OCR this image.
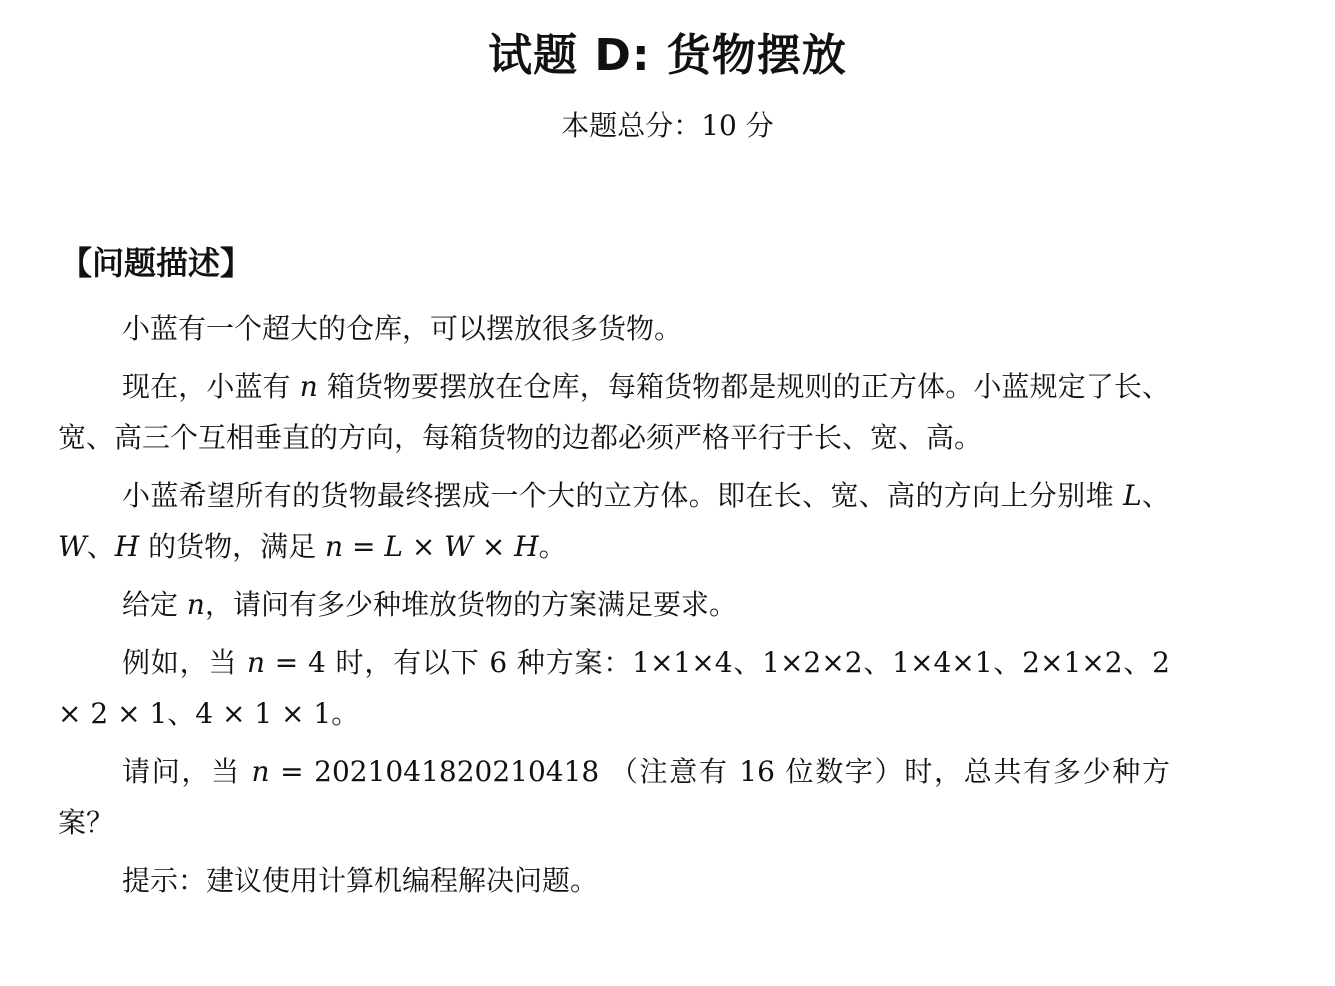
试题 D: 货物摆放
本题总分：10 分
【问题描述】

小蓝有一个超大的仓库，可以摆放很多货物。

现在，小蓝有 n 箱货物要摆放在仓库，每箱货物都是规则的正方体。小蓝规定了长、宽、高三个互相垂直的方向，每箱货物的边都必须严格平行于长、宽、高。

小蓝希望所有的货物最终摆成一个大的立方体。即在长、宽、高的方向上分别堆 L、W、H 的货物，满足 n = L × W × H。

给定 n，请问有多少种堆放货物的方案满足要求。

例如，当 n = 4 时，有以下 6 种方案：1×1×4、1×2×2、1×4×1、2×1×2、2 × 2 × 1、4 × 1 × 1。

请问，当 n = 2021041820210418 （注意有 16 位数字）时，总共有多少种方案？

提示：建议使用计算机编程解决问题。
